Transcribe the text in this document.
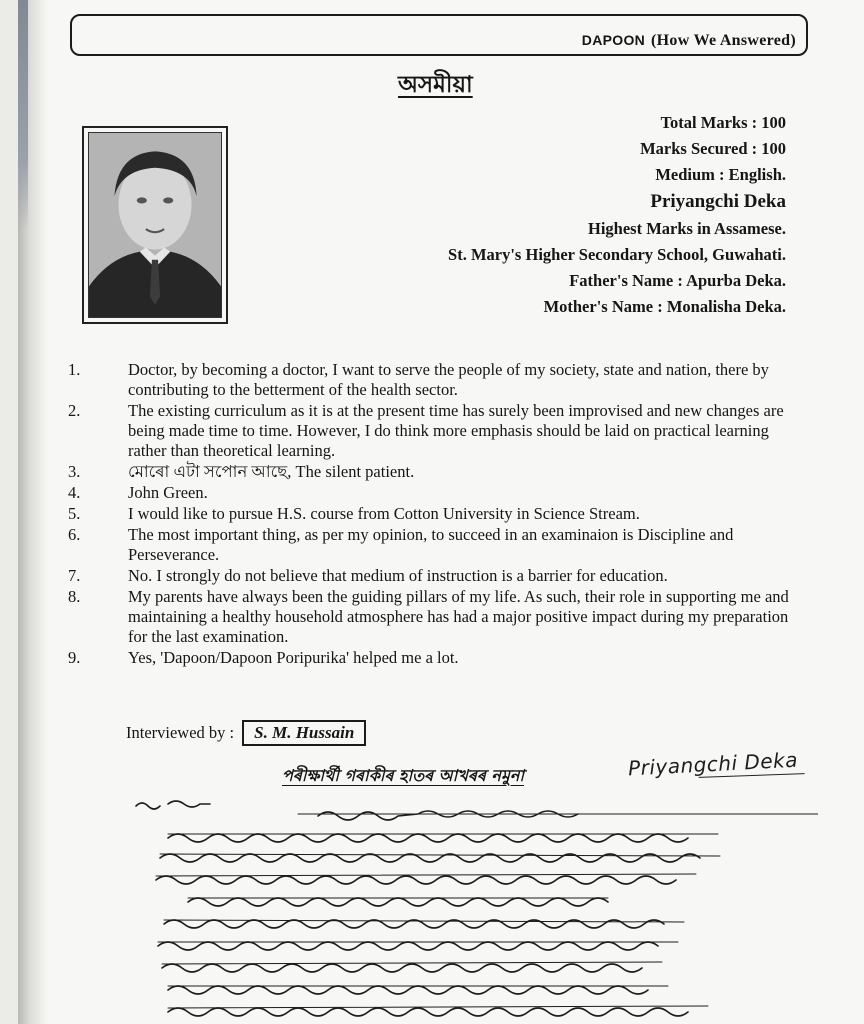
DAPOON (How We Answered)
অসমীয়া
Total Marks : 100
Marks Secured : 100
Medium : English.
Priyangchi Deka
Highest Marks in Assamese.
St. Mary's Higher Secondary School, Guwahati.
Father's Name : Apurba Deka.
Mother's Name : Monalisha Deka.
1.	Doctor, by becoming a doctor, I want to serve the people of my society, state and nation, there by contributing to the betterment of the health sector.
2.	The existing curriculum as it is at the present time has surely been improvised and new changes are being made time to time. However, I do think more emphasis should be laid on practical learning rather than theoretical learning.
3.	মোৰো এটা সপোন আছে, The silent patient.
4.	John Green.
5.	I would like to pursue H.S. course from Cotton University in Science Stream.
6.	The most important thing, as per my opinion, to succeed in an examinaion is Discipline and Perseverance.
7.	No. I strongly do not believe that medium of instruction is a barrier for education.
8.	My parents have always been the guiding pillars of my life. As such, their role in supporting me and maintaining a healthy household atmosphere has had a major positive impact during my preparation for the last examination.
9.	Yes, 'Dapoon/Dapoon Poripurika' helped me a lot.
Interviewed by :	S. M. Hussain
পৰীক্ষাৰ্থী গৰাকীৰ হাতৰ আখৰৰ নমুনা	Priyangchi Deka
